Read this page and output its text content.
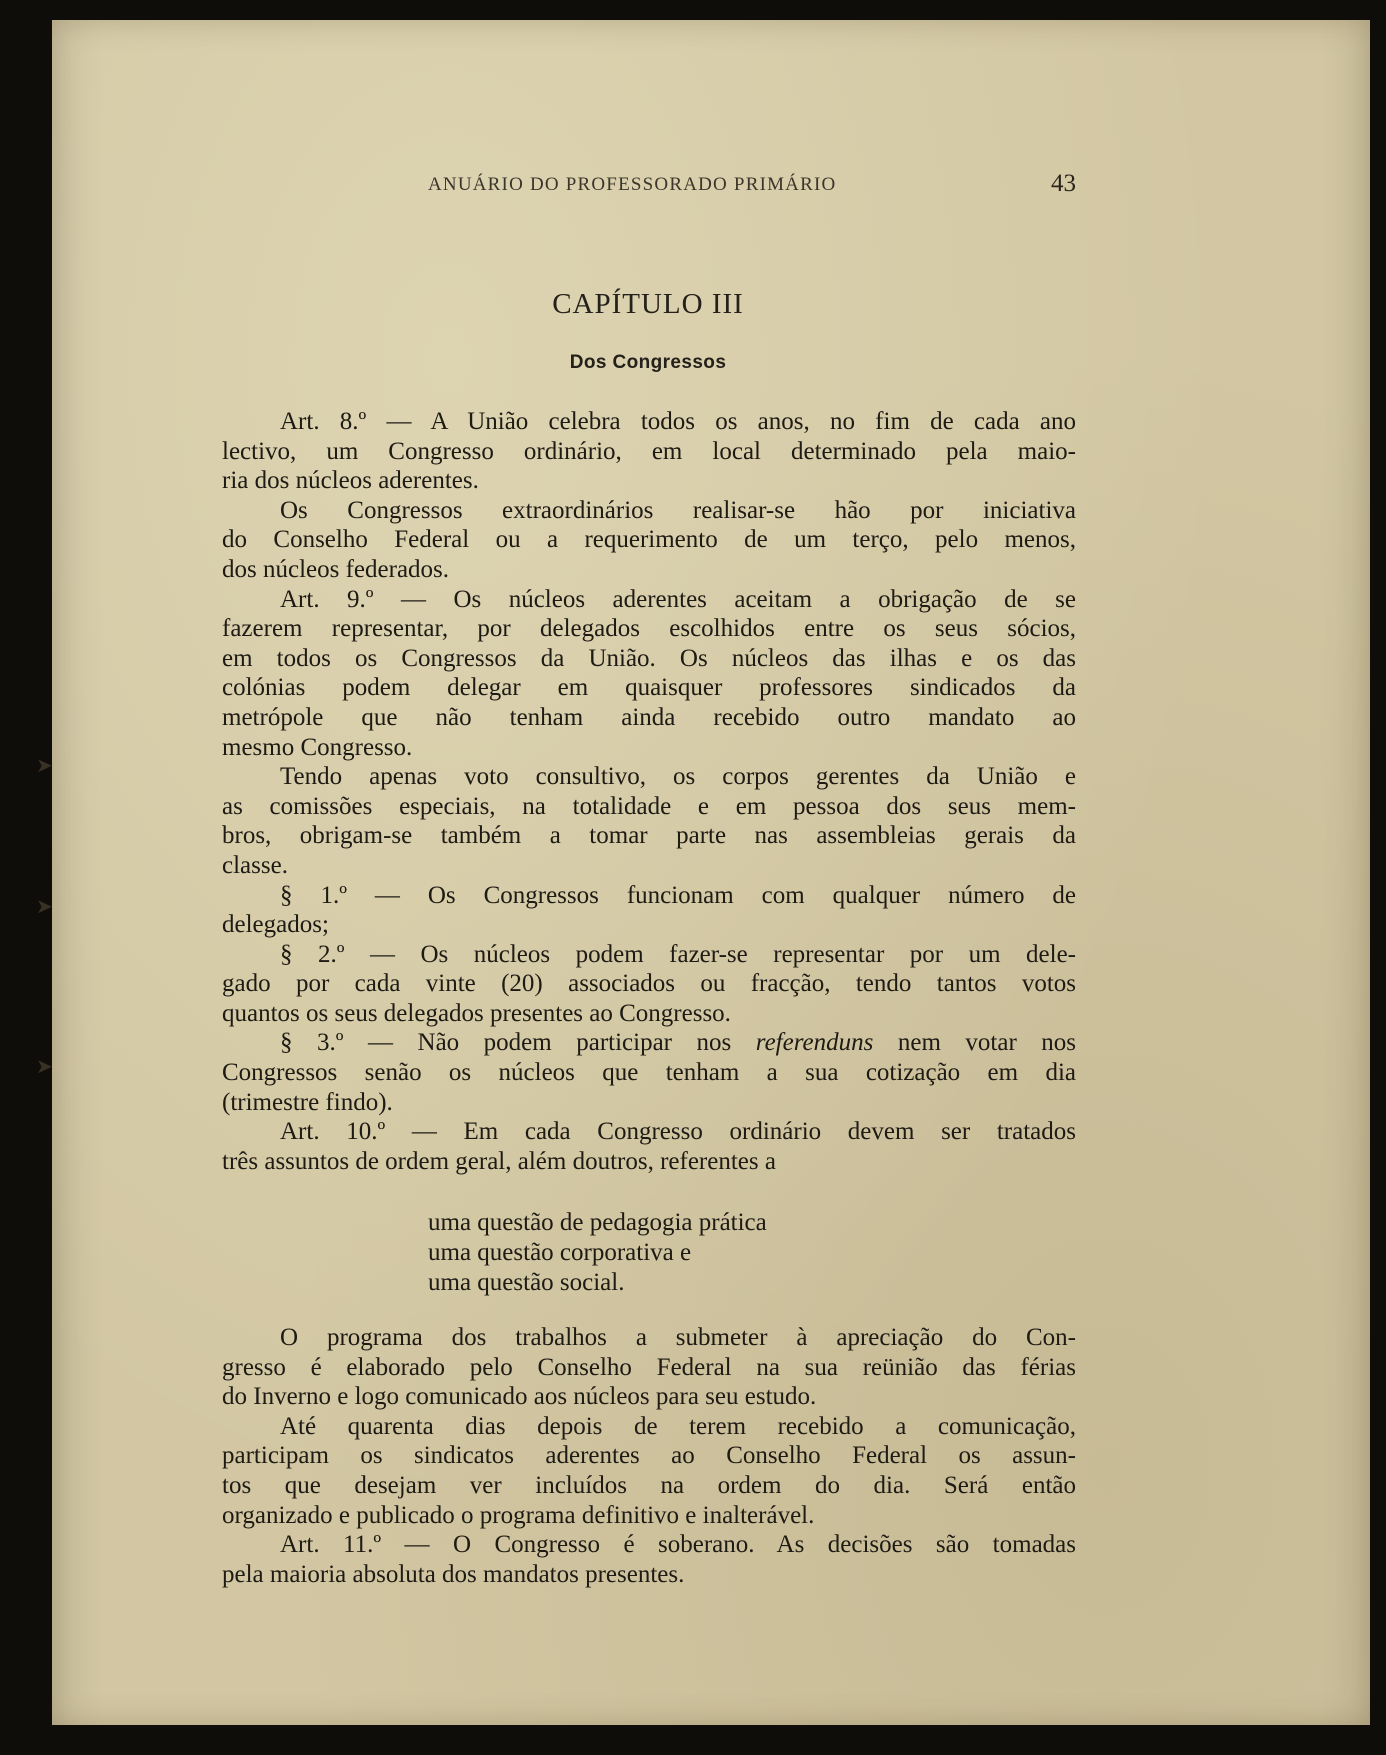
➤
➤
➤
ANUÁRIO DO PROFESSORADO PRIMÁRIO	43
CAPÍTULO III
Dos Congressos
Art. 8.º — A União celebra todos os anos, no fim de cada ano
lectivo, um Congresso ordinário, em local determinado pela maio-
ria dos núcleos aderentes.
Os Congressos extraordinários realisar-se hão por iniciativa
do Conselho Federal ou a requerimento de um terço, pelo menos,
dos núcleos federados.
Art. 9.º — Os núcleos aderentes aceitam a obrigação de se
fazerem representar, por delegados escolhidos entre os seus sócios,
em todos os Congressos da União. Os núcleos das ilhas e os das
colónias podem delegar em quaisquer professores sindicados da
metrópole que não tenham ainda recebido outro mandato ao
mesmo Congresso.
Tendo apenas voto consultivo, os corpos gerentes da União e
as comissões especiais, na totalidade e em pessoa dos seus mem-
bros, obrigam-se também a tomar parte nas assembleias gerais da
classe.
§ 1.º — Os Congressos funcionam com qualquer número de
delegados;
§ 2.º — Os núcleos podem fazer-se representar por um dele-
gado por cada vinte (20) associados ou fracção, tendo tantos votos
quantos os seus delegados presentes ao Congresso.
§ 3.º — Não podem participar nos referenduns nem votar nos
Congressos senão os núcleos que tenham a sua cotização em dia
(trimestre findo).
Art. 10.º — Em cada Congresso ordinário devem ser tratados
três assuntos de ordem geral, além doutros, referentes a
uma questão de pedagogia prática
uma questão corporativa e
uma questão social.
O programa dos trabalhos a submeter à apreciação do Con-
gresso é elaborado pelo Conselho Federal na sua reünião das férias
do Inverno e logo comunicado aos núcleos para seu estudo.
Até quarenta dias depois de terem recebido a comunicação,
participam os sindicatos aderentes ao Conselho Federal os assun-
tos que desejam ver incluídos na ordem do dia. Será então
organizado e publicado o programa definitivo e inalterável.
Art. 11.º — O Congresso é soberano. As decisões são tomadas
pela maioria absoluta dos mandatos presentes.
